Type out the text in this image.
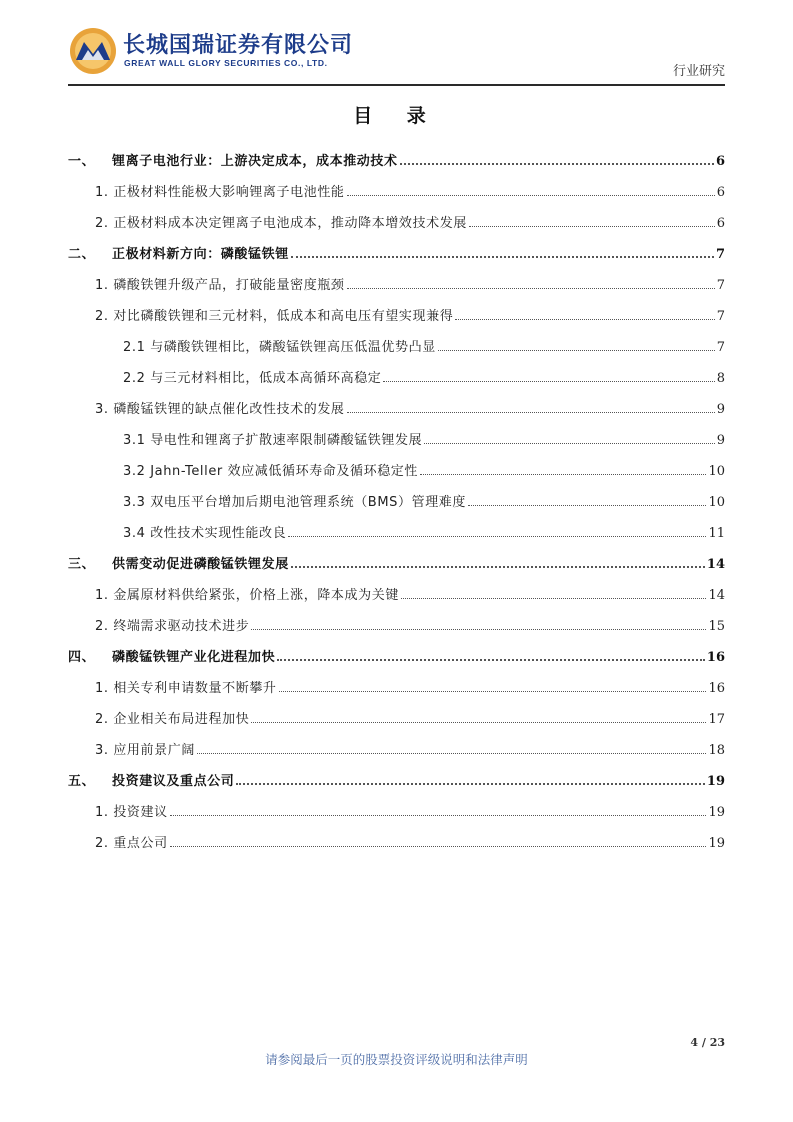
长城国瑞证券有限公司
GREAT WALL GLORY SECURITIES CO., LTD.
行业研究
目 录
一、 锂离子电池行业：上游决定成本，成本推动技术	6
1. 正极材料性能极大影响锂离子电池性能	6
2. 正极材料成本决定锂离子电池成本，推动降本增效技术发展	6
二、 正极材料新方向：磷酸锰铁锂	7
1. 磷酸铁锂升级产品，打破能量密度瓶颈	7
2. 对比磷酸铁锂和三元材料，低成本和高电压有望实现兼得	7
2.1 与磷酸铁锂相比，磷酸锰铁锂高压低温优势凸显	7
2.2 与三元材料相比，低成本高循环高稳定	8
3. 磷酸锰铁锂的缺点催化改性技术的发展	9
3.1 导电性和锂离子扩散速率限制磷酸锰铁锂发展	9
3.2 Jahn-Teller 效应减低循环寿命及循环稳定性	10
3.3 双电压平台增加后期电池管理系统（BMS）管理难度	10
3.4 改性技术实现性能改良	11
三、 供需变动促进磷酸锰铁锂发展	14
1. 金属原材料供给紧张，价格上涨，降本成为关键	14
2. 终端需求驱动技术进步	15
四、 磷酸锰铁锂产业化进程加快	16
1. 相关专利申请数量不断攀升	16
2. 企业相关布局进程加快	17
3. 应用前景广阔	18
五、 投资建议及重点公司	19
1. 投资建议	19
2. 重点公司	19
4 / 23
请参阅最后一页的股票投资评级说明和法律声明
